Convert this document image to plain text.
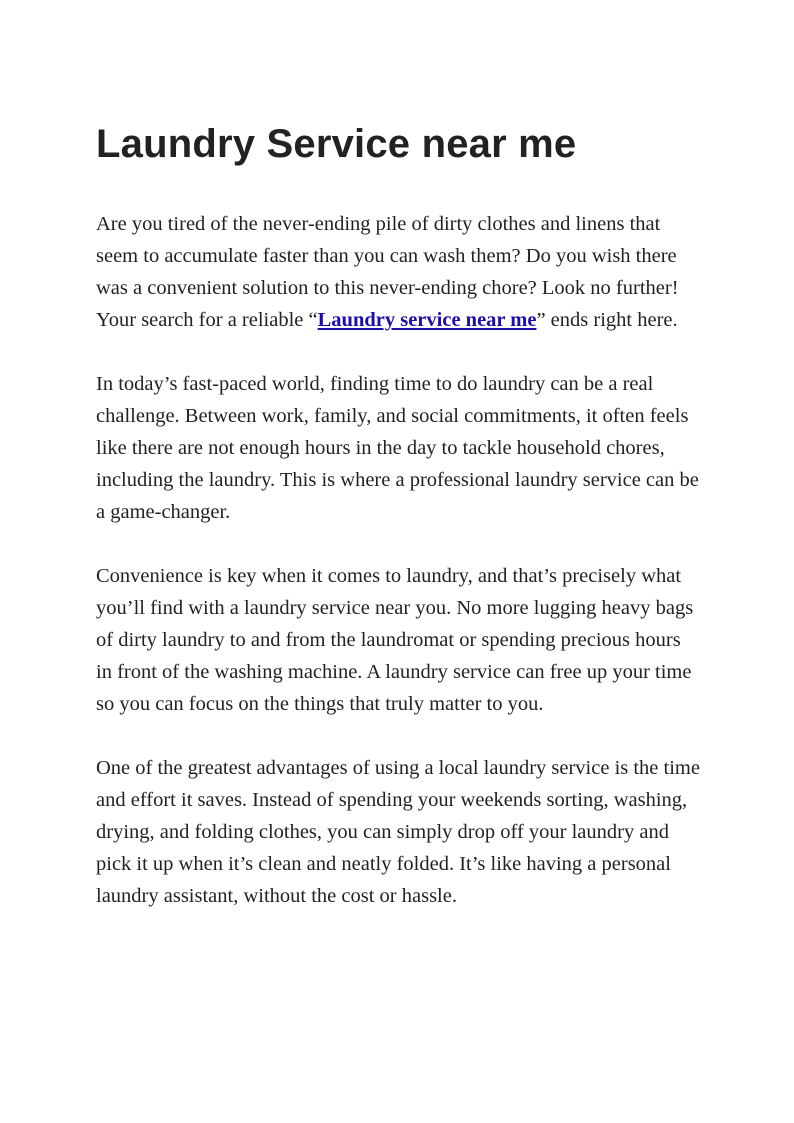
Laundry Service near me

Are you tired of the never-ending pile of dirty clothes and linens that seem to accumulate faster than you can wash them? Do you wish there was a convenient solution to this never-ending chore? Look no further! Your search for a reliable “Laundry service near me” ends right here.

In today’s fast-paced world, finding time to do laundry can be a real challenge. Between work, family, and social commitments, it often feels like there are not enough hours in the day to tackle household chores, including the laundry. This is where a professional laundry service can be a game-changer.

Convenience is key when it comes to laundry, and that’s precisely what you’ll find with a laundry service near you. No more lugging heavy bags of dirty laundry to and from the laundromat or spending precious hours in front of the washing machine. A laundry service can free up your time so you can focus on the things that truly matter to you.

One of the greatest advantages of using a local laundry service is the time and effort it saves. Instead of spending your weekends sorting, washing, drying, and folding clothes, you can simply drop off your laundry and pick it up when it’s clean and neatly folded. It’s like having a personal laundry assistant, without the cost or hassle.
